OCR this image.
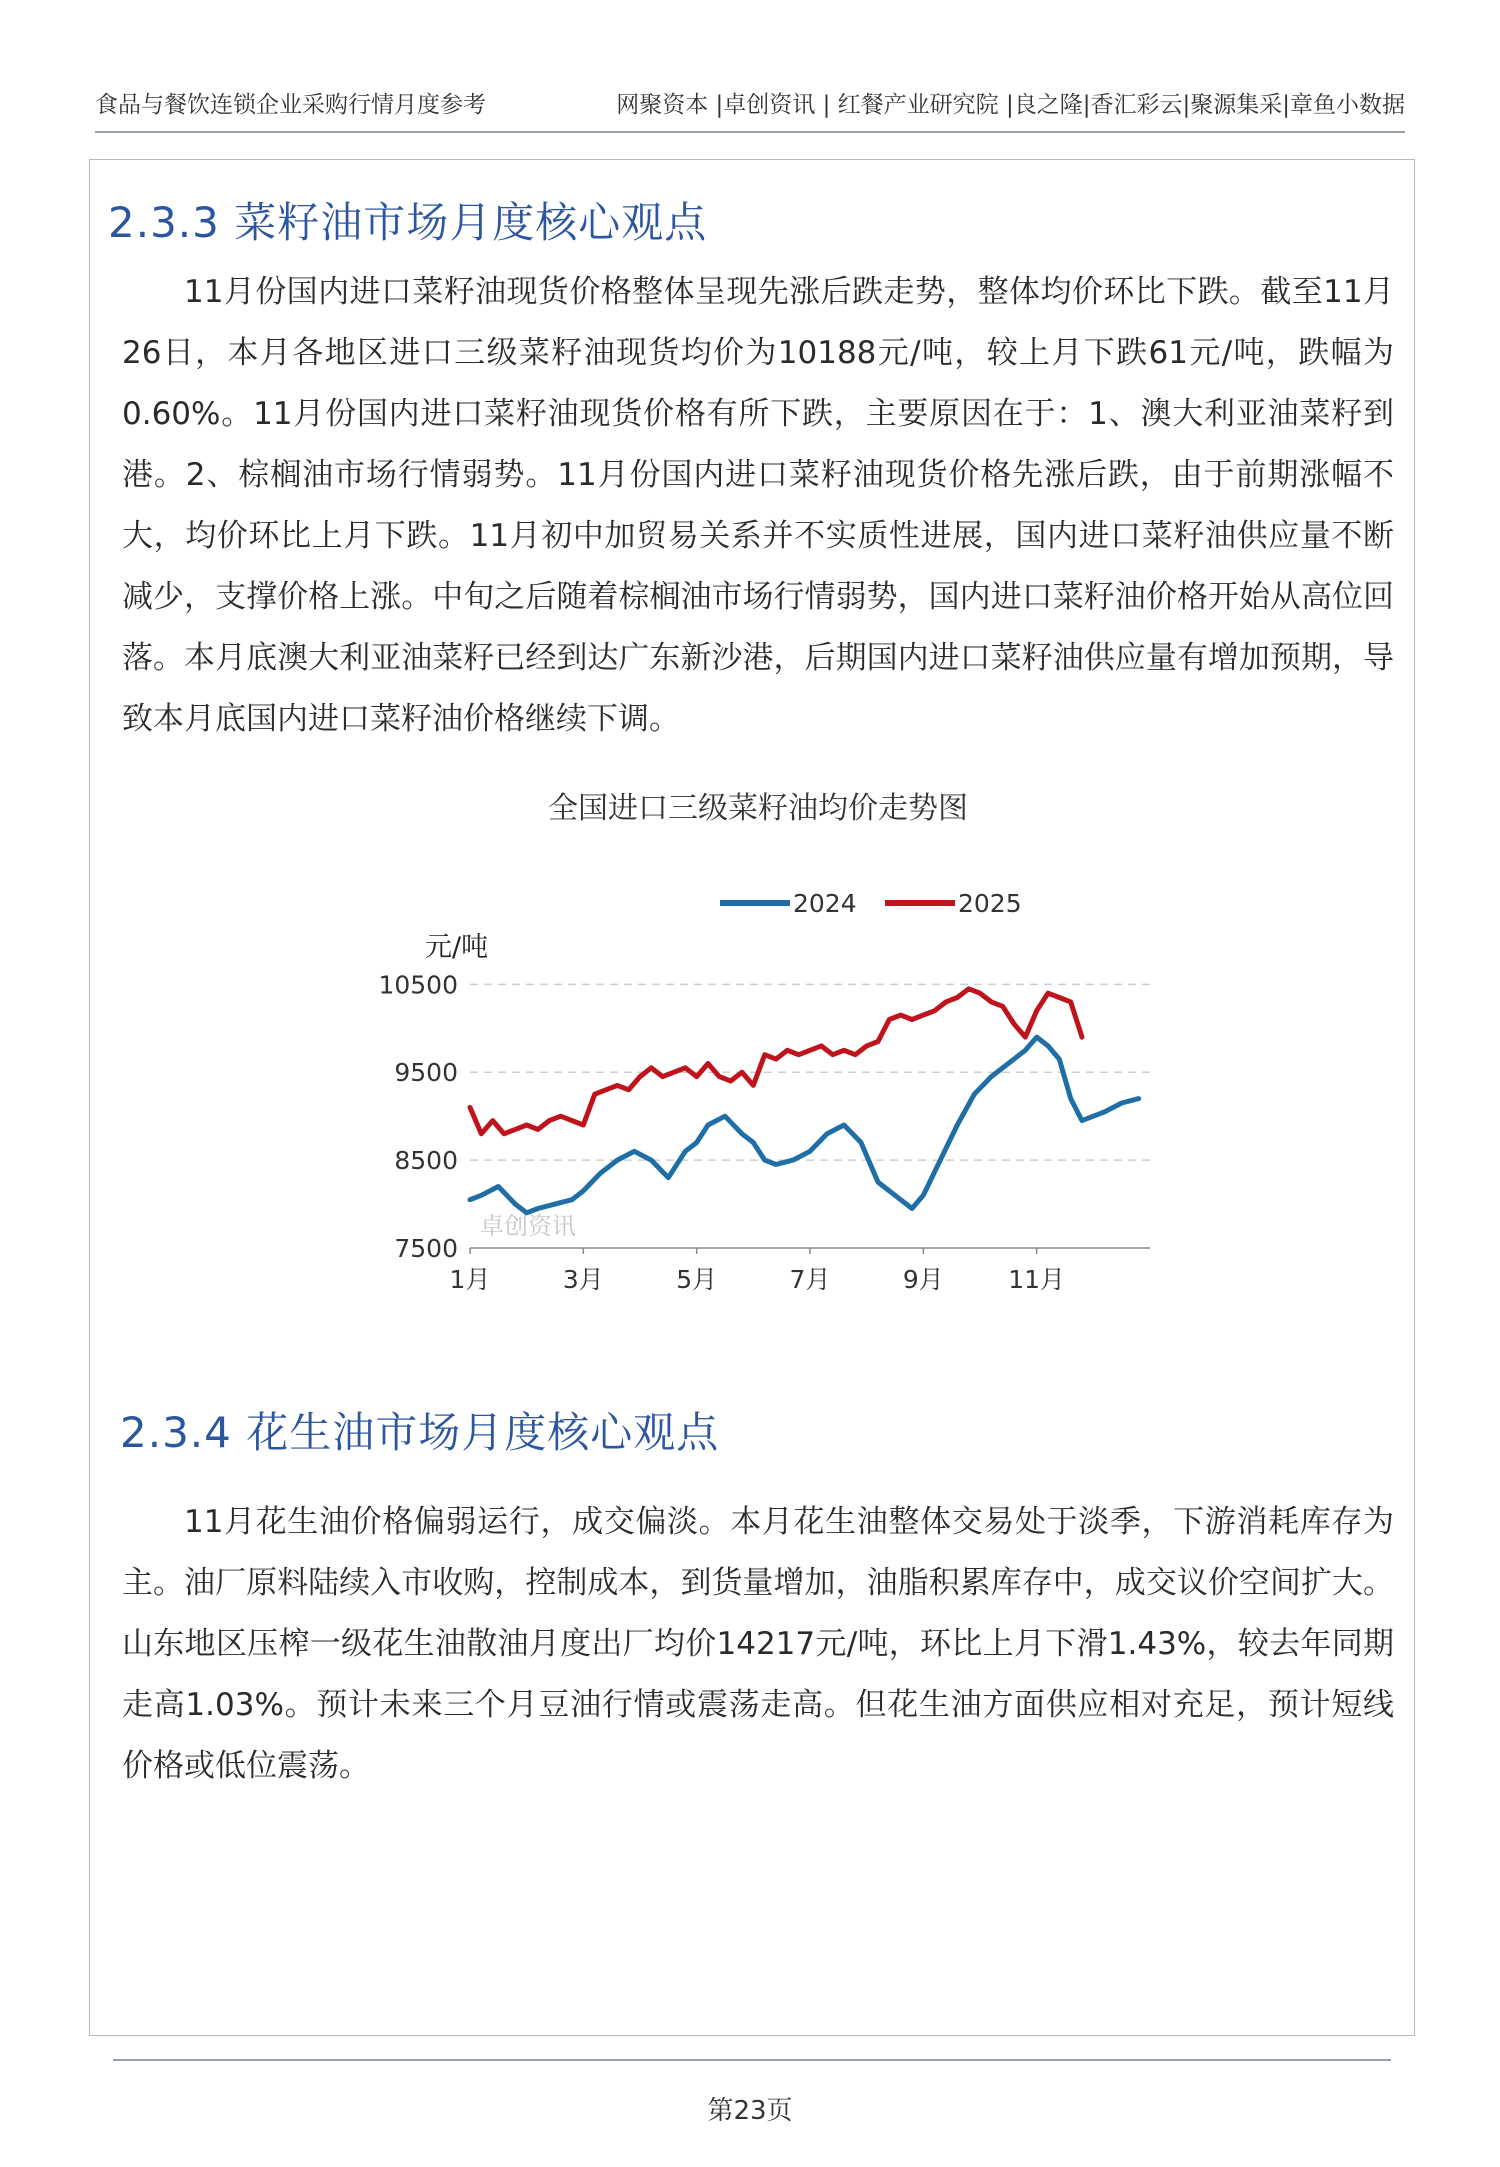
食品与餐饮连锁企业采购行情月度参考	网聚资本 |卓创资讯 | 红餐产业研究院 |良之隆|香汇彩云|聚源集采|章鱼小数据
2.3.3 菜籽油市场月度核心观点
11月份国内进口菜籽油现货价格整体呈现先涨后跌走势，整体均价环比下跌。截至11月26日，本月各地区进口三级菜籽油现货均价为10188元/吨，较上月下跌61元/吨，跌幅为0.60%。11月份国内进口菜籽油现货价格有所下跌，主要原因在于：1、澳大利亚油菜籽到港。2、棕榈油市场行情弱势。11月份国内进口菜籽油现货价格先涨后跌，由于前期涨幅不大，均价环比上月下跌。11月初中加贸易关系并不实质性进展，国内进口菜籽油供应量不断减少，支撑价格上涨。中旬之后随着棕榈油市场行情弱势，国内进口菜籽油价格开始从高位回落。本月底澳大利亚油菜籽已经到达广东新沙港，后期国内进口菜籽油供应量有增加预期，导致本月底国内进口菜籽油价格继续下调。
全国进口三级菜籽油均价走势图
10500
9500
8500
7500
1月	3月	5月	7月	9月	11月
元/吨
卓创资讯
2024	2025
2.3.4 花生油市场月度核心观点
11月花生油价格偏弱运行，成交偏淡。本月花生油整体交易处于淡季，下游消耗库存为主。油厂原料陆续入市收购，控制成本，到货量增加，油脂积累库存中，成交议价空间扩大。山东地区压榨一级花生油散油月度出厂均价14217元/吨，环比上月下滑1.43%，较去年同期走高1.03%。预计未来三个月豆油行情或震荡走高。但花生油方面供应相对充足，预计短线价格或低位震荡。
第23页
